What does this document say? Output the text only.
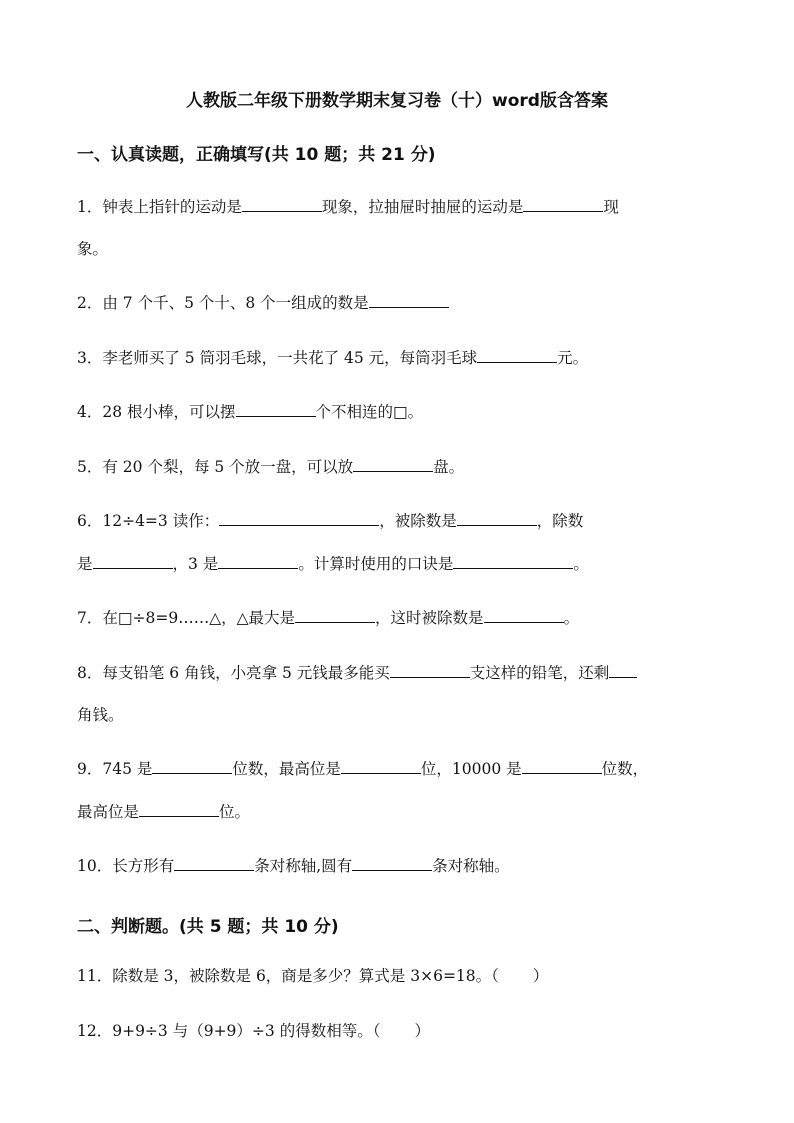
人教版二年级下册数学期末复习卷（十）word版含答案
一、认真读题，正确填写(共 10 题；共 21 分)
1．钟表上指针的运动是	现象，拉抽屉时抽屉的运动是	现
象。
2．由 7 个千、5 个十、8 个一组成的数是
3．李老师买了 5 筒羽毛球，一共花了 45 元，每筒羽毛球	元。
4．28 根小棒，可以摆	个不相连的□。
5．有 20 个梨，每 5 个放一盘，可以放	盘。
6．12÷4=3 读作：	，被除数是	，除数
是	，3 是	。计算时使用的口诀是	。
7．在□÷8=9……△，△最大是	，这时被除数是	。
8．每支铅笔 6 角钱，小亮拿 5 元钱最多能买	支这样的铅笔，还剩
角钱。
9．745 是	位数，最高位是	位，10000 是	位数，
最高位是	位。
10．长方形有	条对称轴,圆有	条对称轴。
二、判断题。(共 5 题；共 10 分)
11．除数是 3，被除数是 6，商是多少？算式是 3×6=18。（ ）
12．9+9÷3 与（9+9）÷3 的得数相等。（ ）
